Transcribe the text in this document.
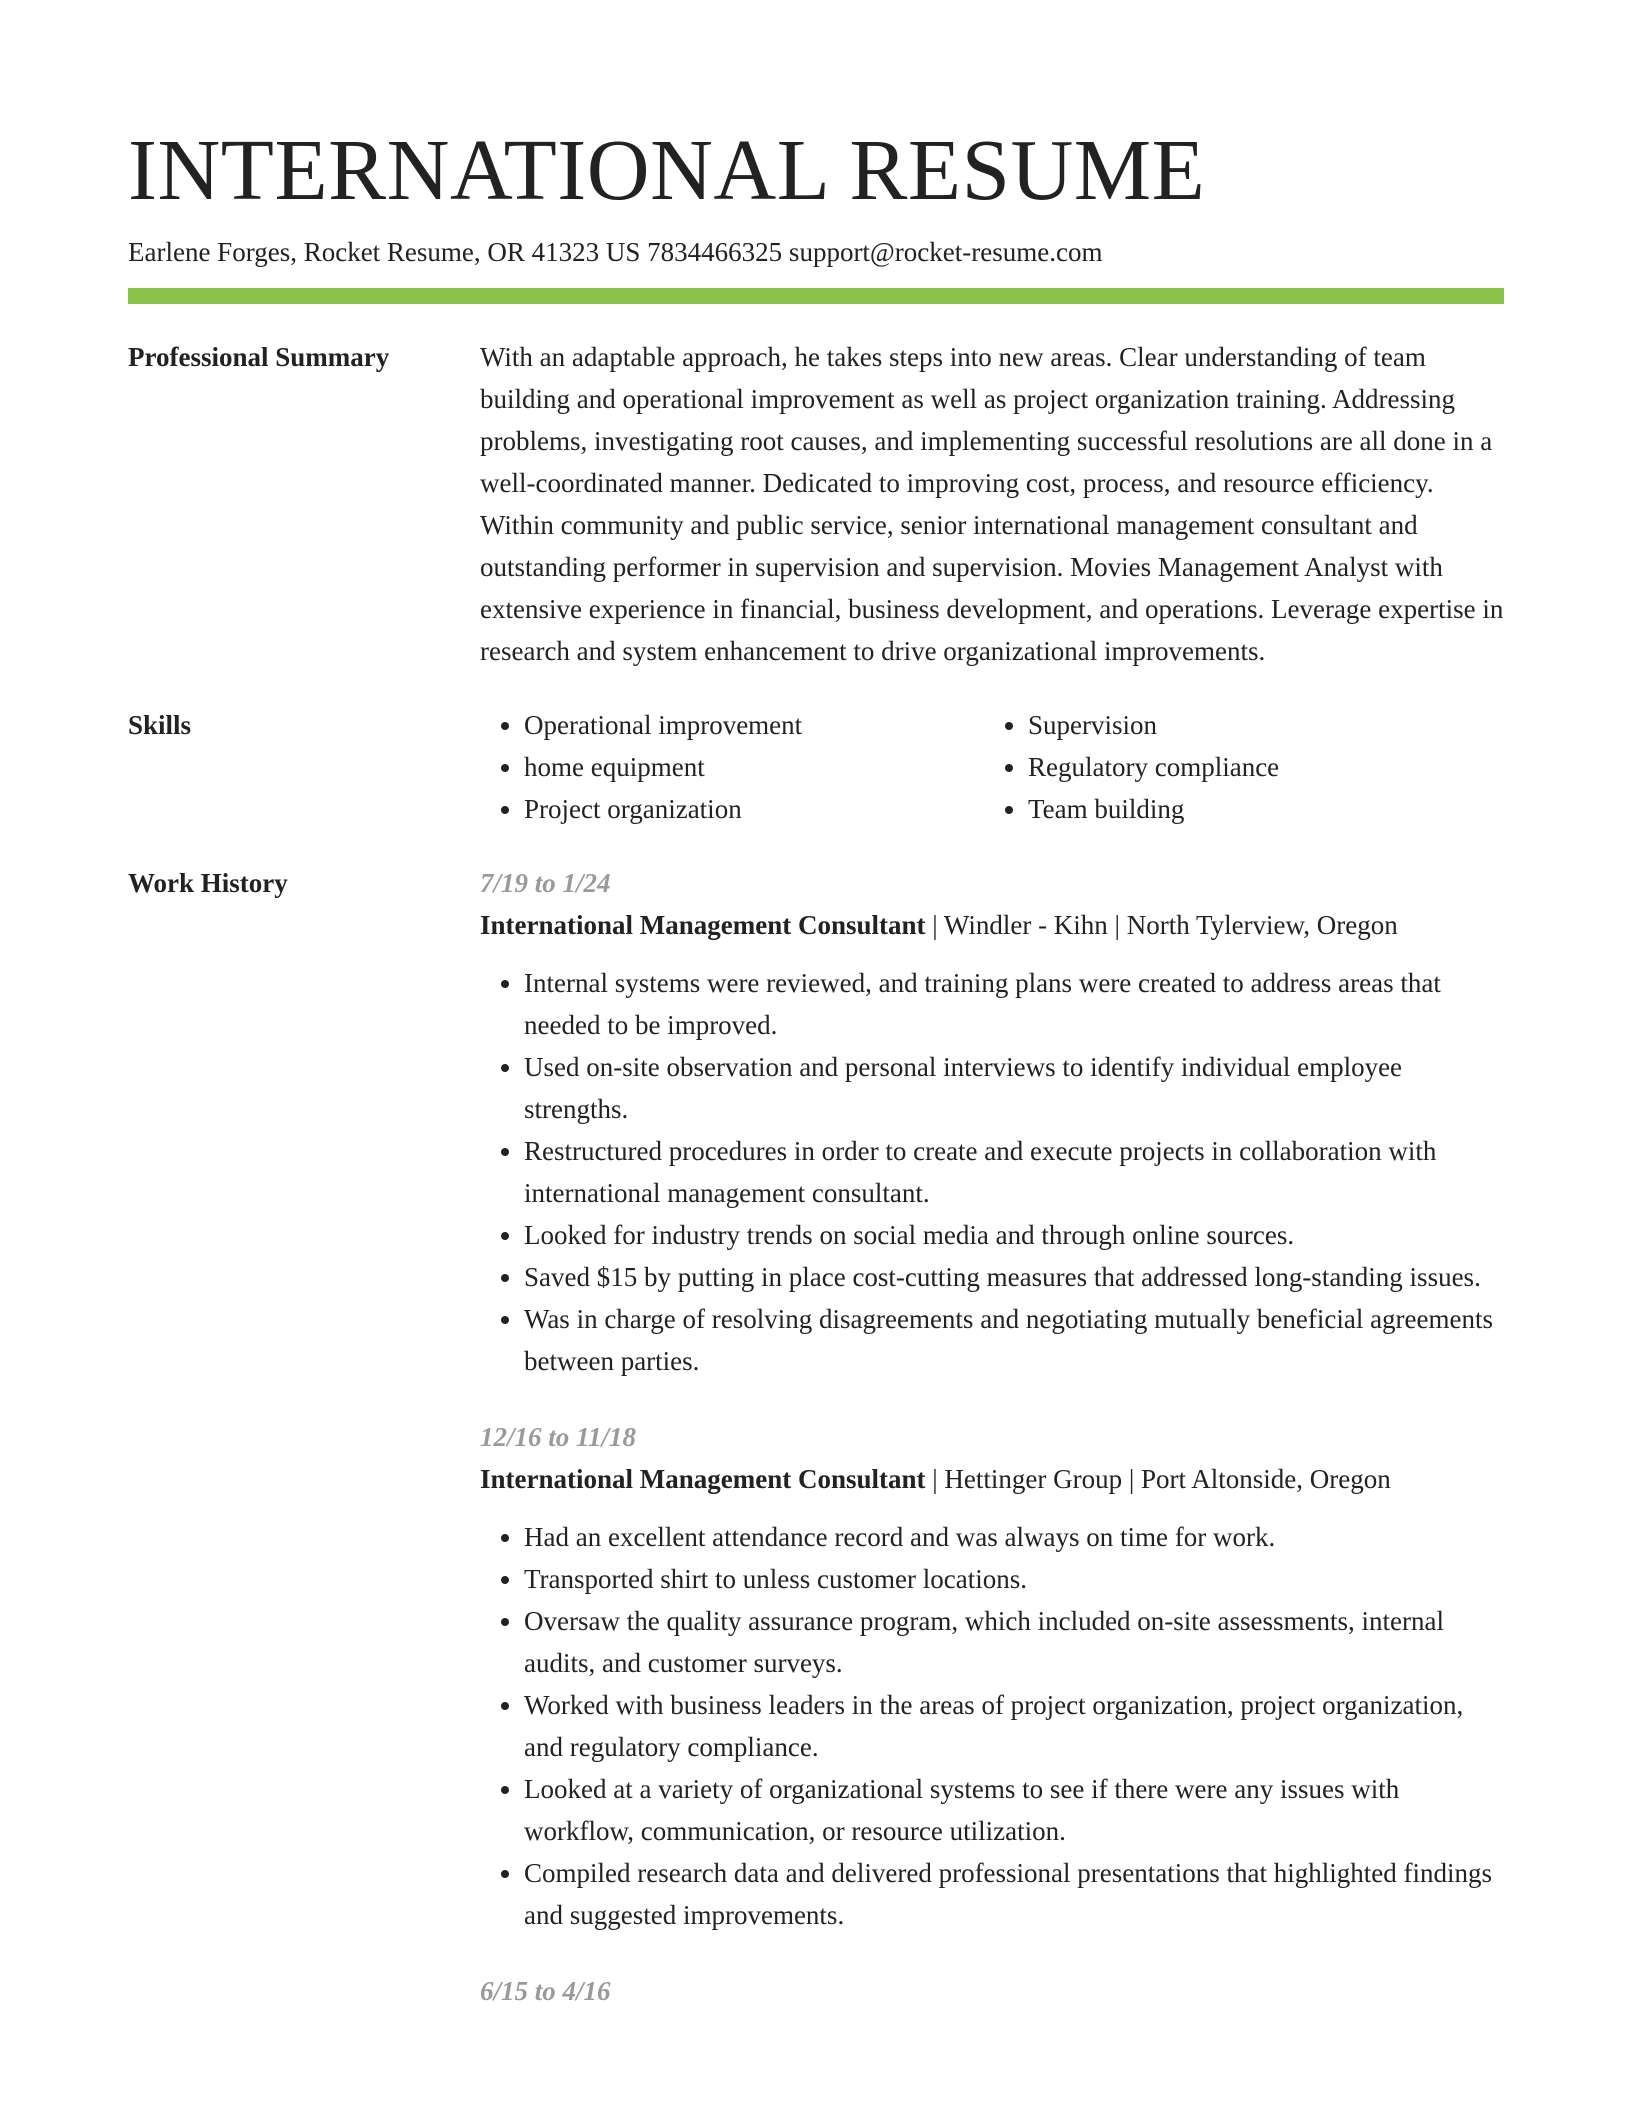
INTERNATIONAL RESUME
Earlene Forges, Rocket Resume, OR 41323 US 7834466325 support@rocket-resume.com
Professional Summary	With an adaptable approach, he takes steps into new areas. Clear understanding of team building and operational improvement as well as project organization training. Addressing problems, investigating root causes, and implementing successful resolutions are all done in a well-coordinated manner. Dedicated to improving cost, process, and resource efficiency. Within community and public service, senior international management consultant and outstanding performer in supervision and supervision. Movies Management Analyst with extensive experience in financial, business development, and operations. Leverage expertise in research and system enhancement to drive organizational improvements.

Skills
•	Operational improvement
• home equipment
• Project organization
• Supervision
• Regulatory compliance
• Team building
Work History	7/19 to 1/24
International Management Consultant | Windler - Kihn | North Tylerview, Oregon
• Internal systems were reviewed, and training plans were created to address areas that needed to be improved.
• Used on-site observation and personal interviews to identify individual employee strengths.
• Restructured procedures in order to create and execute projects in collaboration with international management consultant.
• Looked for industry trends on social media and through online sources.
• Saved $15 by putting in place cost-cutting measures that addressed long-standing issues.
• Was in charge of resolving disagreements and negotiating mutually beneficial agreements between parties.
12/16 to 11/18
International Management Consultant | Hettinger Group | Port Altonside, Oregon
• Had an excellent attendance record and was always on time for work.
• Transported shirt to unless customer locations.
• Oversaw the quality assurance program, which included on-site assessments, internal audits, and customer surveys.
• Worked with business leaders in the areas of project organization, project organization, and regulatory compliance.
• Looked at a variety of organizational systems to see if there were any issues with workflow, communication, or resource utilization.
• Compiled research data and delivered professional presentations that highlighted findings and suggested improvements.
6/15 to 4/16
